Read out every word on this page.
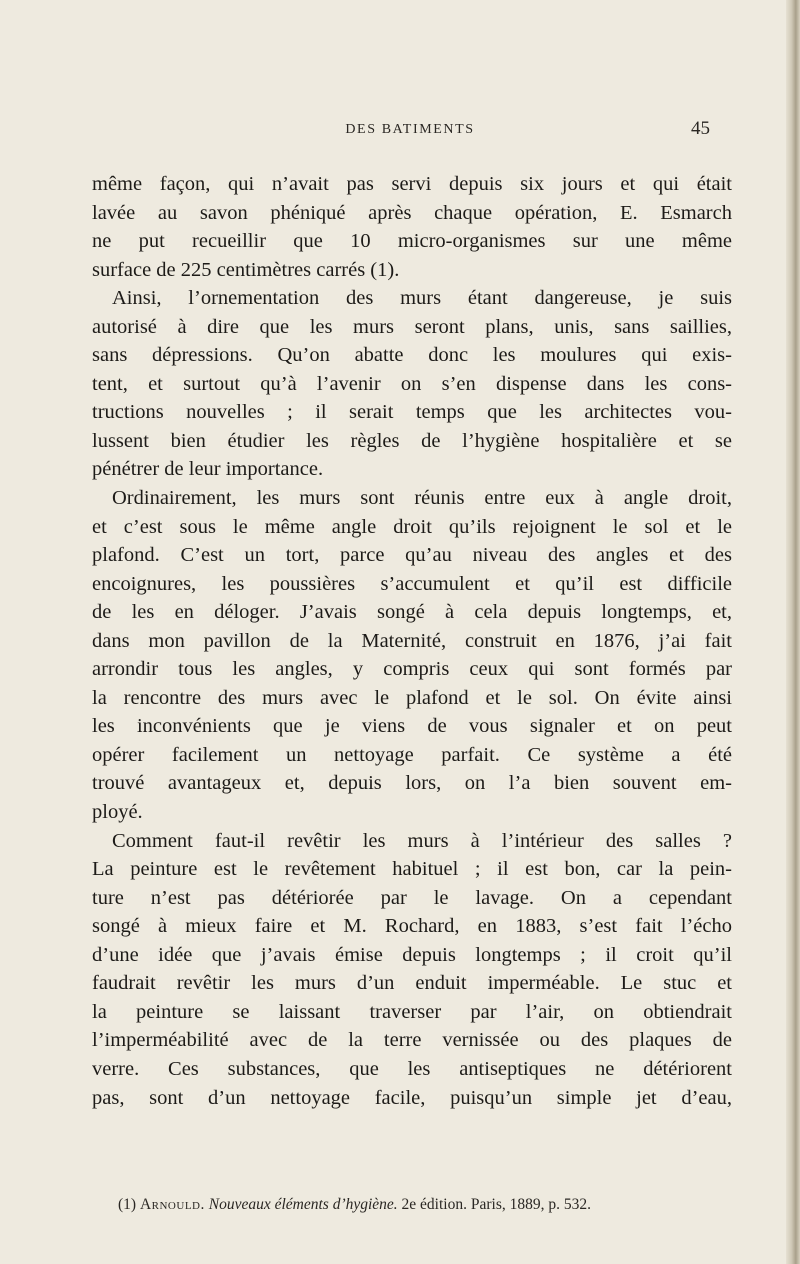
DES BATIMENTS	45
même façon, qui n’avait pas servi depuis six jours et qui était
lavée au savon phéniqué après chaque opération, E. Esmarch
ne put recueillir que 10 micro-organismes sur une même
surface de 225 centimètres carrés (1).
Ainsi, l’ornementation des murs étant dangereuse, je suis
autorisé à dire que les murs seront plans, unis, sans saillies,
sans dépressions. Qu’on abatte donc les moulures qui exis-
tent, et surtout qu’à l’avenir on s’en dispense dans les cons-
tructions nouvelles ; il serait temps que les architectes vou-
lussent bien étudier les règles de l’hygiène hospitalière et se
pénétrer de leur importance.
Ordinairement, les murs sont réunis entre eux à angle droit,
et c’est sous le même angle droit qu’ils rejoignent le sol et le
plafond. C’est un tort, parce qu’au niveau des angles et des
encoignures, les poussières s’accumulent et qu’il est difficile
de les en déloger. J’avais songé à cela depuis longtemps, et,
dans mon pavillon de la Maternité, construit en 1876, j’ai fait
arrondir tous les angles, y compris ceux qui sont formés par
la rencontre des murs avec le plafond et le sol. On évite ainsi
les inconvénients que je viens de vous signaler et on peut
opérer facilement un nettoyage parfait. Ce système a été
trouvé avantageux et, depuis lors, on l’a bien souvent em-
ployé.
Comment faut-il revêtir les murs à l’intérieur des salles ?
La peinture est le revêtement habituel ; il est bon, car la pein-
ture n’est pas détériorée par le lavage. On a cependant
songé à mieux faire et M. Rochard, en 1883, s’est fait l’écho
d’une idée que j’avais émise depuis longtemps ; il croit qu’il
faudrait revêtir les murs d’un enduit imperméable. Le stuc et
la peinture se laissant traverser par l’air, on obtiendrait
l’imperméabilité avec de la terre vernissée ou des plaques de
verre. Ces substances, que les antiseptiques ne détériorent
pas, sont d’un nettoyage facile, puisqu’un simple jet d’eau,
(1) Arnould. Nouveaux éléments d’hygiène. 2e édition. Paris, 1889, p. 532.
